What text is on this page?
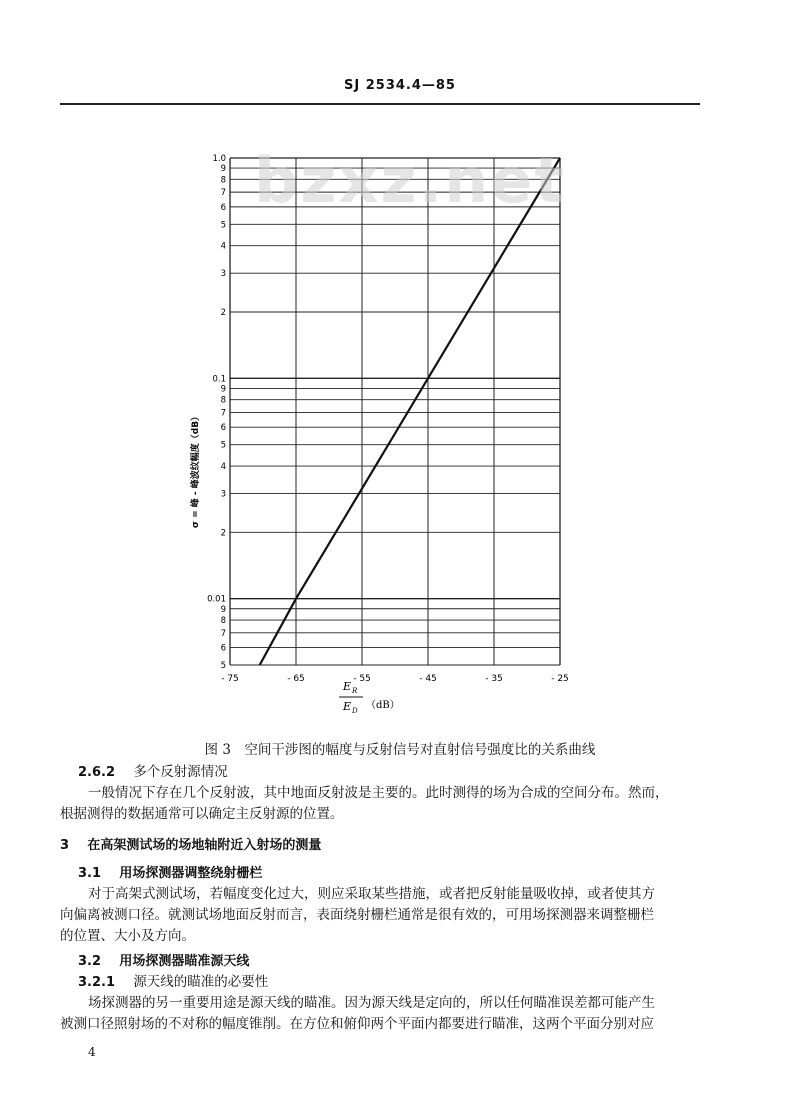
SJ 2534.4—85
- 75	- 65	- 55	- 45	- 35	- 25
1.0
9
8
7
6
5
4
3
2
0.1
9
8
7
6
5
4
3
2
0.01
9
8
7
6
5
bzxz.net
σ = 峰 - 峰波纹幅度（dB）
E R
E D （dB）
图 3　空间干涉图的幅度与反射信号对直射信号强度比的关系曲线
2.6.2 多个反射源情况
一般情况下存在几个反射波，其中地面反射波是主要的。此时测得的场为合成的空间分布。然而，
根据测得的数据通常可以确定主反射源的位置。
3 在高架测试场的场地轴附近入射场的测量
3.1 用场探测器调整绕射栅栏
对于高架式测试场，若幅度变化过大，则应采取某些措施，或者把反射能量吸收掉，或者使其方
向偏离被测口径。就测试场地面反射而言，表面绕射栅栏通常是很有效的，可用场探测器来调整栅栏
的位置、大小及方向。
3.2 用场探测器瞄准源天线
3.2.1 源天线的瞄准的必要性
场探测器的另一重要用途是源天线的瞄准。因为源天线是定向的，所以任何瞄准误差都可能产生
被测口径照射场的不对称的幅度锥削。在方位和俯仰两个平面内都要进行瞄准，这两个平面分别对应
4
